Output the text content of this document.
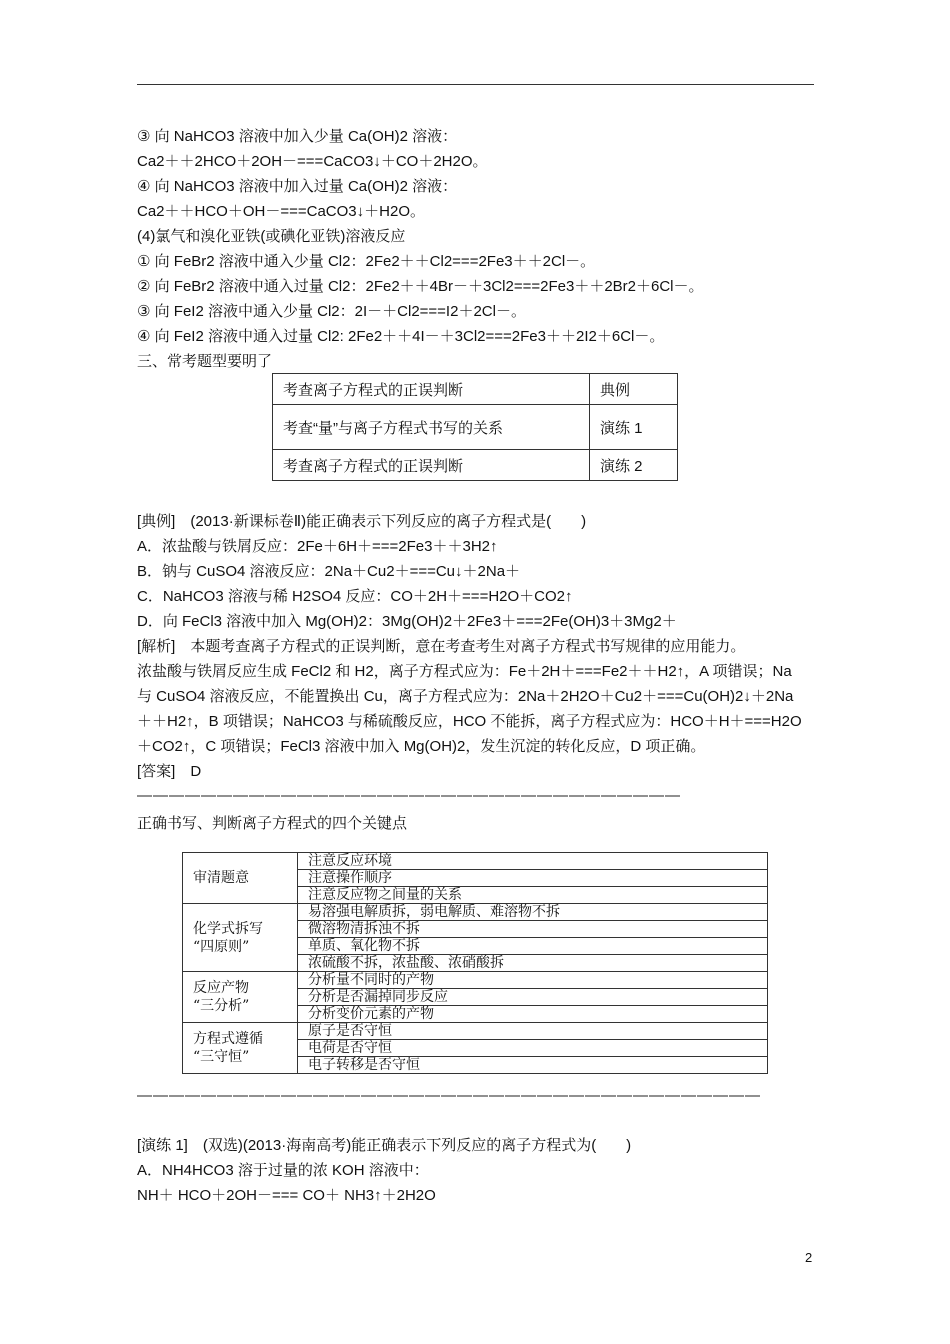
③ 向 NaHCO3 溶液中加入少量 Ca(OH)2 溶液：
Ca2＋＋2HCO＋2OH－===CaCO3↓＋CO＋2H2O。
④ 向 NaHCO3 溶液中加入过量 Ca(OH)2 溶液：
Ca2＋＋HCO＋OH－===CaCO3↓＋H2O。
(4)氯气和溴化亚铁(或碘化亚铁)溶液反应
① 向 FeBr2 溶液中通入少量 Cl2：2Fe2＋＋Cl2===2Fe3＋＋2Cl－。
② 向 FeBr2 溶液中通入过量 Cl2：2Fe2＋＋4Br－＋3Cl2===2Fe3＋＋2Br2＋6Cl－。
③ 向 FeI2 溶液中通入少量 Cl2：2I－＋Cl2===I2＋2Cl－。
④ 向 FeI2 溶液中通入过量 Cl2: 2Fe2＋＋4I－＋3Cl2===2Fe3＋＋2I2＋6Cl－。
三、常考题型要明了
[典例]　(2013·新课标卷Ⅱ)能正确表示下列反应的离子方程式是(　　)
A．浓盐酸与铁屑反应：2Fe＋6H＋===2Fe3＋＋3H2↑
B．钠与 CuSO4 溶液反应：2Na＋Cu2＋===Cu↓＋2Na＋
C．NaHCO3 溶液与稀 H2SO4 反应：CO＋2H＋===H2O＋CO2↑
D．向 FeCl3 溶液中加入 Mg(OH)2：3Mg(OH)2＋2Fe3＋===2Fe(OH)3＋3Mg2＋
[解析]　本题考查离子方程式的正误判断，意在考查考生对离子方程式书写规律的应用能力。
浓盐酸与铁屑反应生成 FeCl2 和 H2，离子方程式应为：Fe＋2H＋===Fe2＋＋H2↑，A 项错误；Na
与 CuSO4 溶液反应，不能置换出 Cu，离子方程式应为：2Na＋2H2O＋Cu2＋===Cu(OH)2↓＋2Na
＋＋H2↑，B 项错误；NaHCO3 与稀硫酸反应，HCO 不能拆，离子方程式应为：HCO＋H＋===H2O
＋CO2↑，C 项错误；FeCl3 溶液中加入 Mg(OH)2，发生沉淀的转化反应，D 项正确。
[答案]　D
——————————————————————————————————
正确书写、判断离子方程式的四个关键点
———————————————————————————————————————
[演练 1]　(双选)(2013·海南高考)能正确表示下列反应的离子方程式为(　　)
A．NH4HCO3 溶于过量的浓 KOH 溶液中：
NH＋ HCO＋2OH－=== CO＋ NH3↑＋2H2O
考查离子方程式的正误判断	典例
考查“量”与离子方程式书写的关系	演练 1
考查离子方程式的正误判断	演练 2
审清题意	注意反应环境
	注意操作顺序
	注意反应物之间量的关系
化学式拆写
“四原则”	易溶强电解质拆，弱电解质、难溶物不拆
	微溶物清拆浊不拆
	单质、氧化物不拆
	浓硫酸不拆，浓盐酸、浓硝酸拆
反应产物
“三分析”	分析量不同时的产物
	分析是否漏掉同步反应
	分析变价元素的产物
方程式遵循
“三守恒”	原子是否守恒
	电荷是否守恒
	电子转移是否守恒
2
